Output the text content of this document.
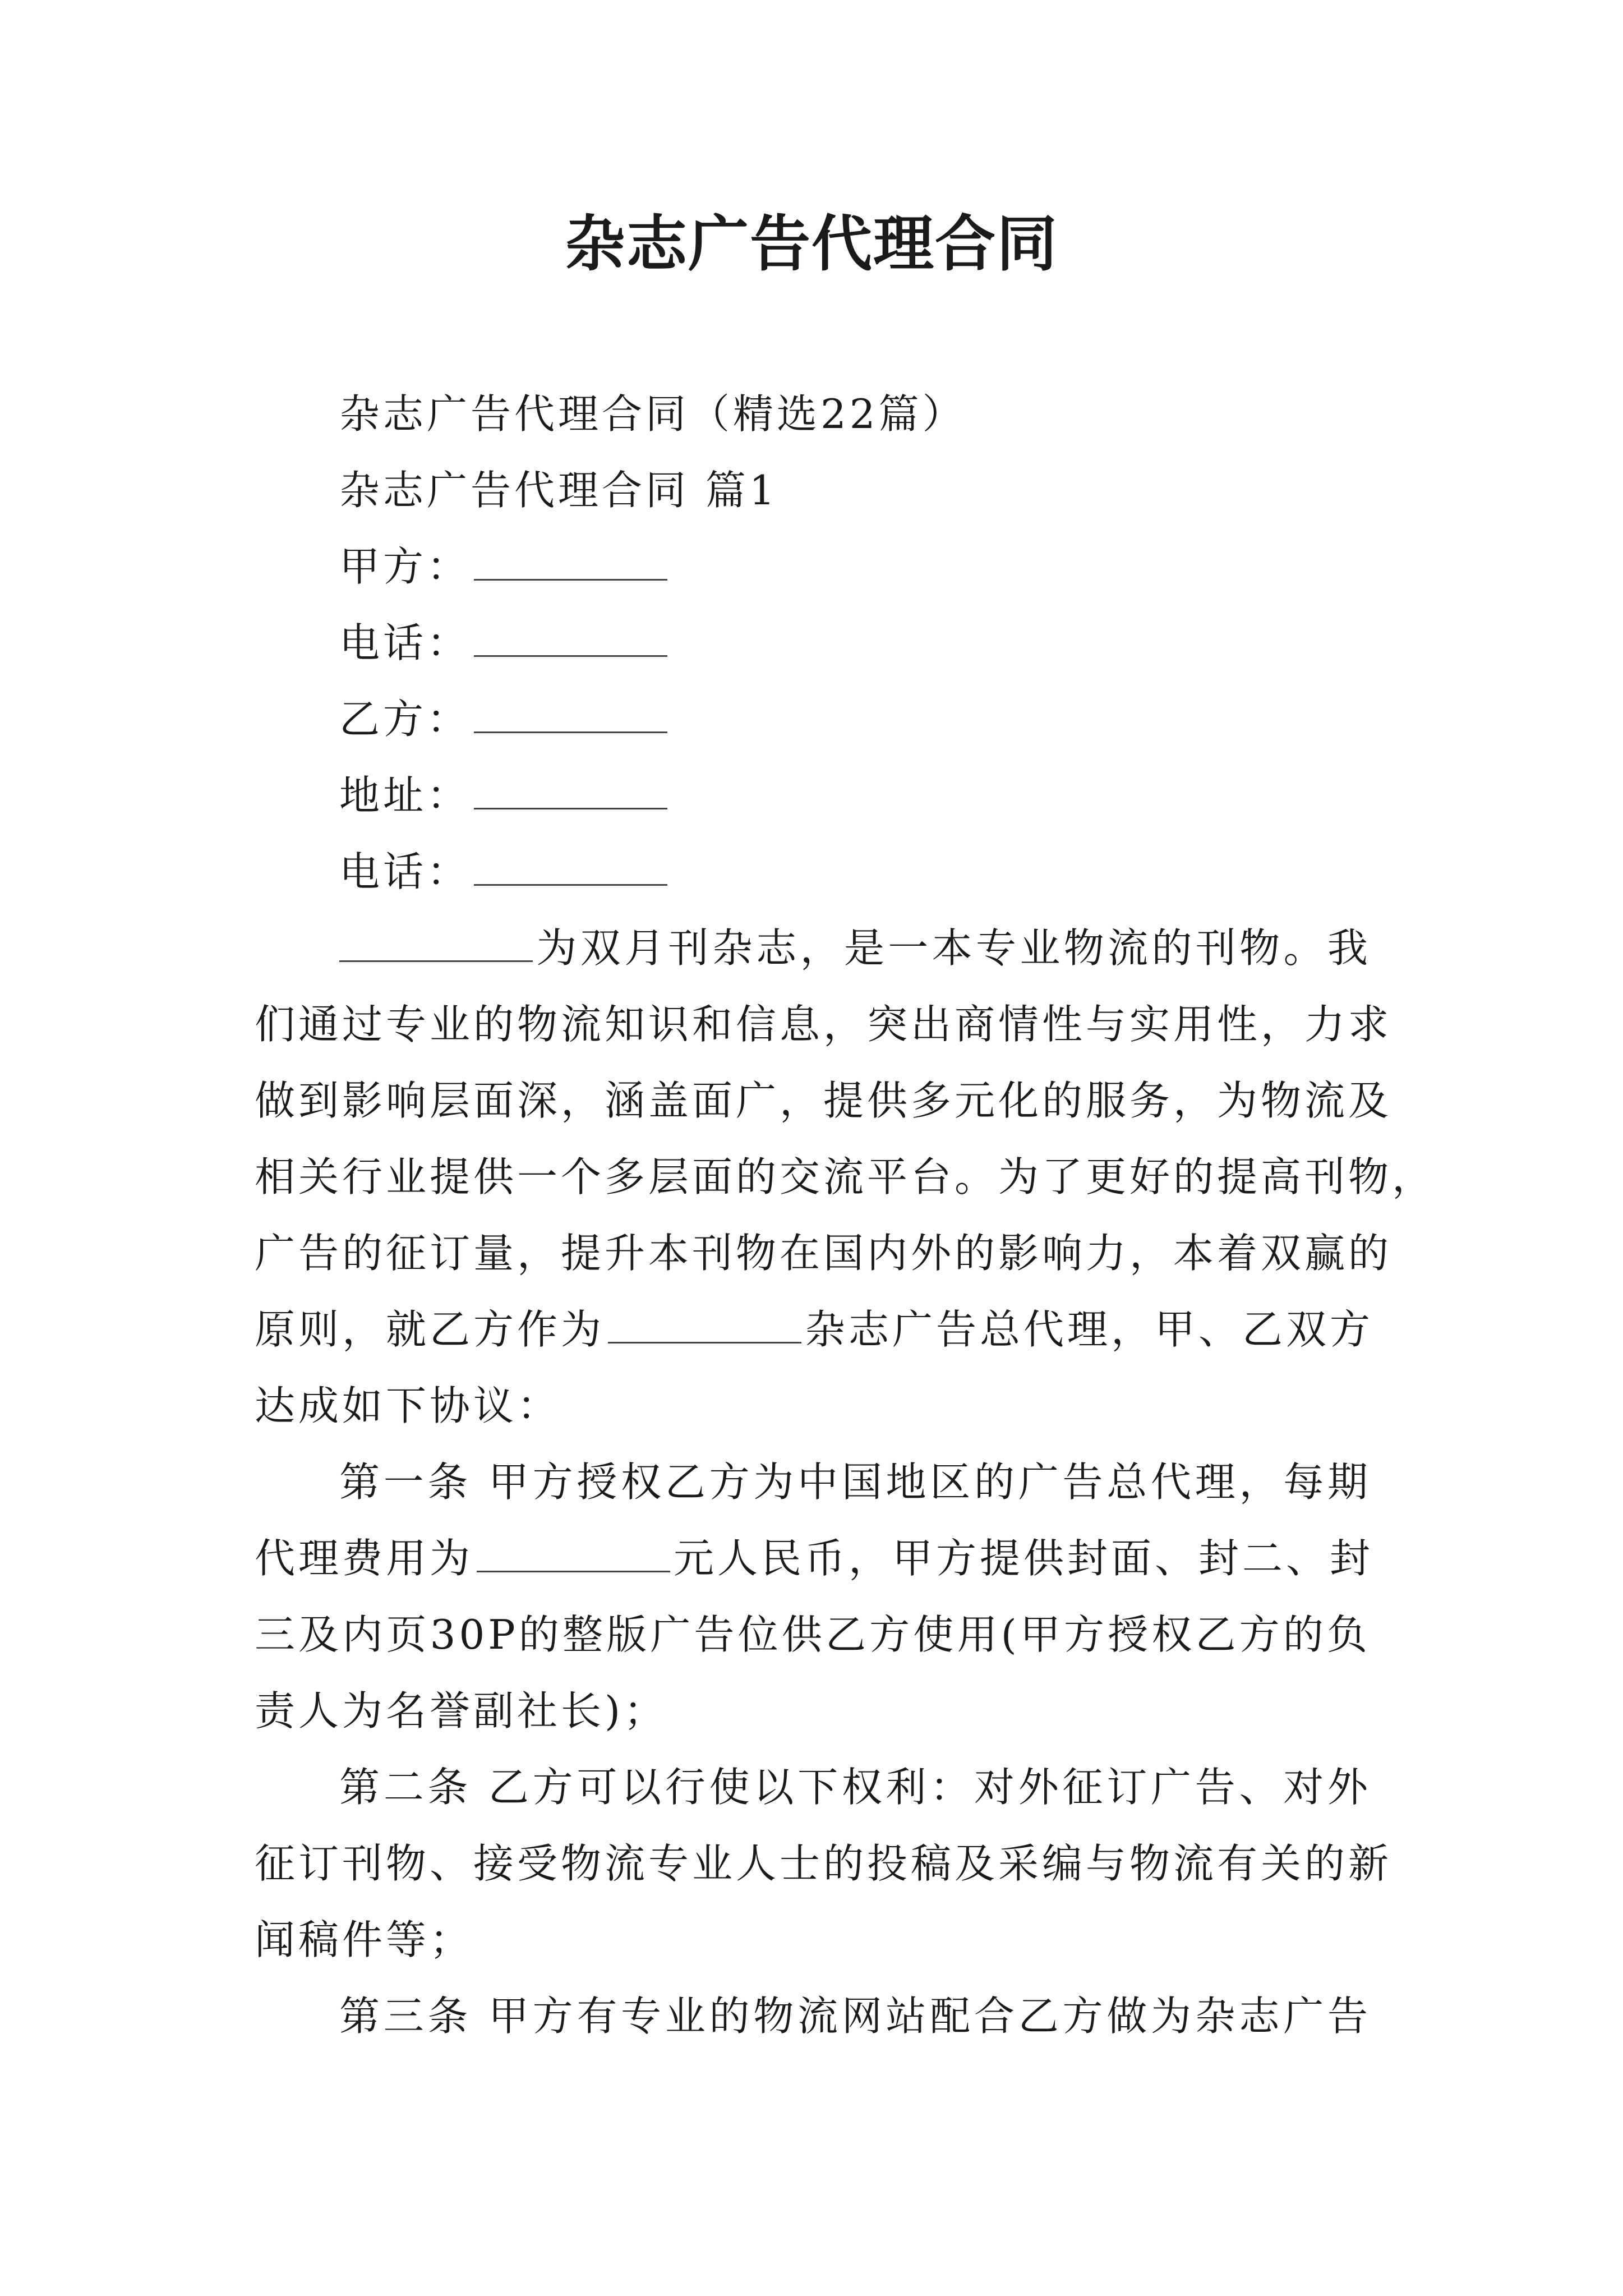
杂志广告代理合同
杂志广告代理合同（精选22篇）
杂志广告代理合同 篇1
甲方：
电话：
乙方：
地址：
电话：
为双月刊杂志，是一本专业物流的刊物。我
们通过专业的物流知识和信息，突出商情性与实用性，力求
做到影响层面深，涵盖面广，提供多元化的服务，为物流及
相关行业提供一个多层面的交流平台。为了更好的提高刊物，
广告的征订量，提升本刊物在国内外的影响力，本着双赢的
原则，就乙方作为	杂志广告总代理，甲、乙双方
达成如下协议：
第一条 甲方授权乙方为中国地区的广告总代理，每期
代理费用为	元人民币，甲方提供封面、封二、封
三及内页30P的整版广告位供乙方使用(甲方授权乙方的负
责人为名誉副社长)；
第二条 乙方可以行使以下权利：对外征订广告、对外
征订刊物、接受物流专业人士的投稿及采编与物流有关的新
闻稿件等；
第三条 甲方有专业的物流网站配合乙方做为杂志广告
